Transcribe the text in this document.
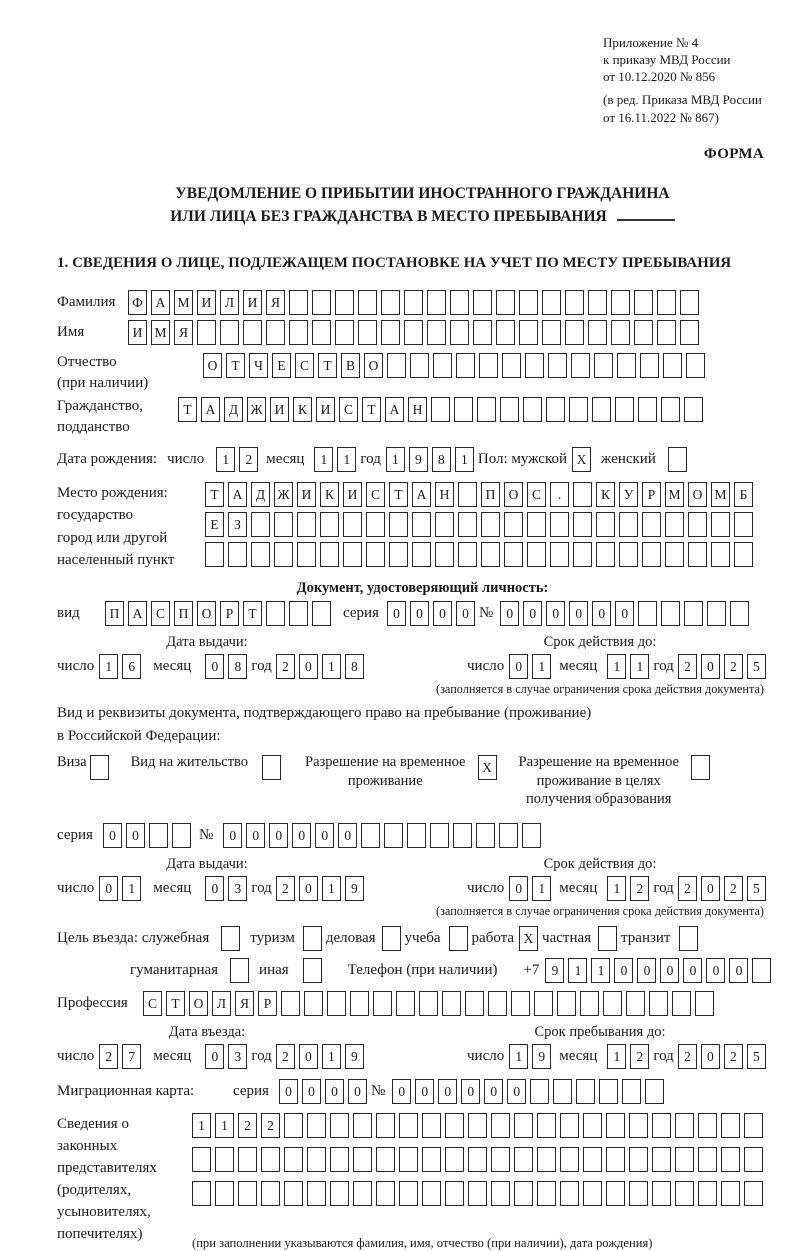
Приложение № 4
к приказу МВД России
от 10.12.2020 № 856
(в ред. Приказа МВД России
от 16.11.2022 № 867)
ФОРМА
УВЕДОМЛЕНИЕ О ПРИБЫТИИ ИНОСТРАННОГО ГРАЖДАНИНА
ИЛИ ЛИЦА БЕЗ ГРАЖДАНСТВА В МЕСТО ПРЕБЫВАНИЯ
1. СВЕДЕНИЯ О ЛИЦЕ, ПОДЛЕЖАЩЕМ ПОСТАНОВКЕ НА УЧЕТ ПО МЕСТУ ПРЕБЫВАНИЯ
Фамилия	Ф А М И Л И Я
Имя	И М Я
Отчество
(при наличии)
О Т Ч Е С Т В О
Гражданство,
подданство
Т А Д Ж И К И С Т А Н
Дата рождения: число	1 2 месяц	1 1 год 1 9 8 1 Пол: мужской X женский
Место рождения:
государство
город или другой
населенный пункт
Т А Д Ж И К И С Т А Н	П О С .	К У Р М О М Б
Е З
Документ, удостоверяющий личность:
вид	П А С П О Р Т	серия	0 0 0 0 № 0 0 0 0 0 0
Дата выдачи:
число 1 6	месяц	0 8 год 2 0 1 8
Срок действия до:
число 0 1 месяц	1 1 год 2 0 2 5
(заполняется в случае ограничения срока действия документа)
Вид и реквизиты документа, подтверждающего право на пребывание (проживание)
в Российской Федерации:
Виза	Вид на жительство	Разрешение на временное
проживание
X	Разрешение на временное
проживание в целях
получения образования
серия	0 0	№	0 0 0 0 0 0
Дата выдачи:
число 0 1	месяц	0 3 год 2 0 1 9
Срок действия до:
число 0 1 месяц	1 2 год 2 0 2 5
(заполняется в случае ограничения срока действия документа)
Цель въезда: служебная	туризм деловая учеба работа X частная транзит
гуманитарная	иная	Телефон (при наличии) +7 9 1 1 0 0 0 0 0 0
Профессия	С Т О Л Я Р
Дата въезда:
число 2 7	месяц	0 3 год 2 0 1 9
Срок пребывания до:
число 1 9 месяц	1 2 год 2 0 2 5
Миграционная карта:	серия	0 0 0 0 № 0 0 0 0 0 0
Сведения о
законных
представителях
(родителях,
усыновителях,
попечителях)
1 1 2 2
(при заполнении указываются фамилия, имя, отчество (при наличии), дата рождения)
